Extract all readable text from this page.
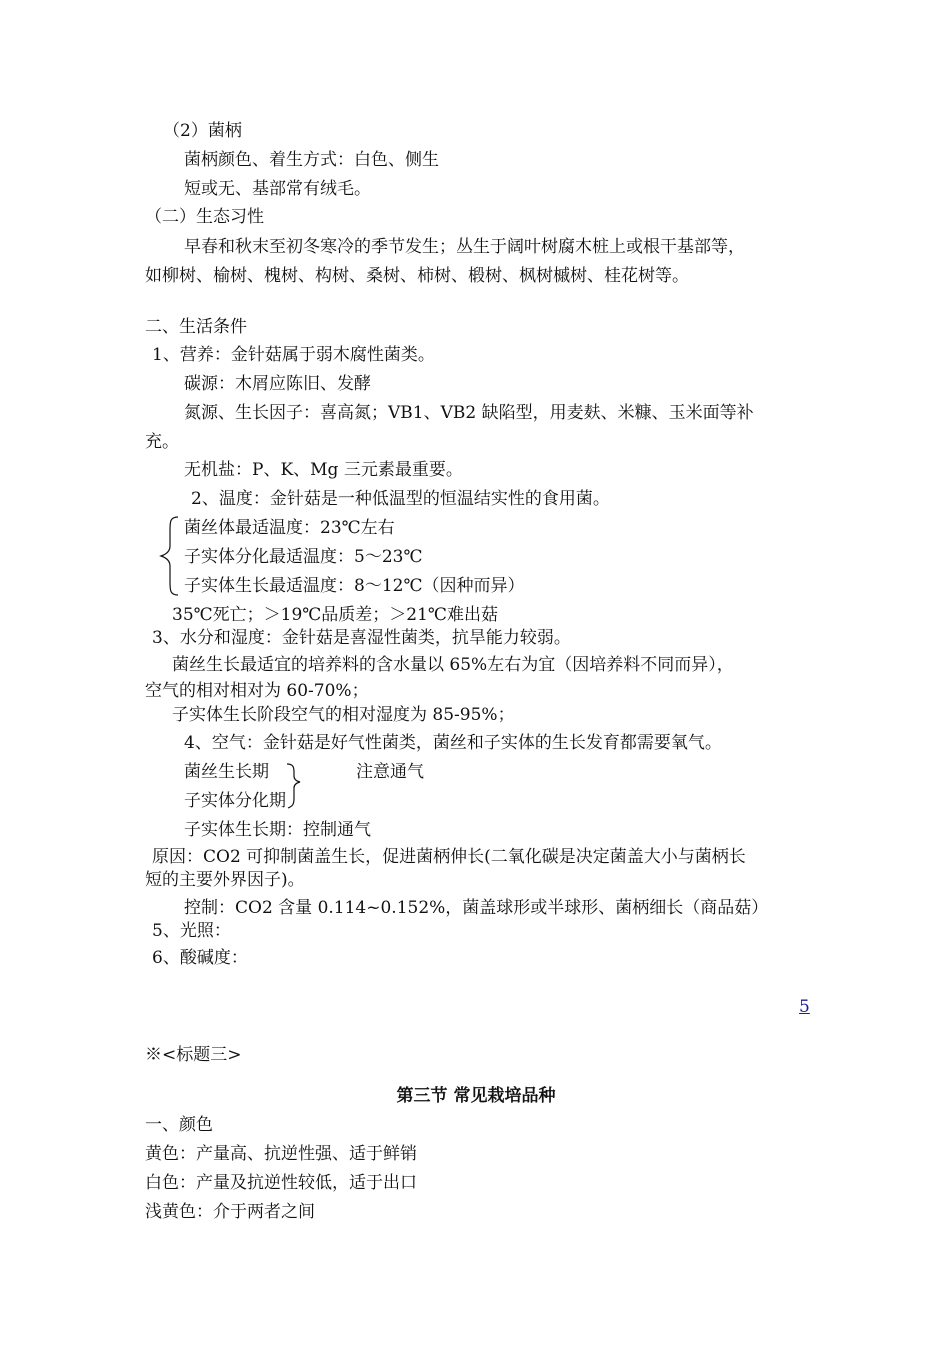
（2）菌柄
菌柄颜色、着生方式：白色、侧生
短或无、基部常有绒毛。
（二）生态习性
早春和秋末至初冬寒冷的季节发生；丛生于阔叶树腐木桩上或根干基部等，
如柳树、榆树、槐树、构树、桑树、柿树、椴树、枫树槭树、桂花树等。
二、生活条件
1、营养：金针菇属于弱木腐性菌类。
碳源：木屑应陈旧、发酵
氮源、生长因子：喜高氮；VB1、VB2 缺陷型，用麦麸、米糠、玉米面等补
充。
无机盐：P、K、Mg 三元素最重要。
2、温度：金针菇是一种低温型的恒温结实性的食用菌。
菌丝体最适温度：23℃左右
子实体分化最适温度：5～23℃
子实体生长最适温度：8～12℃（因种而异）
35℃死亡；＞19℃品质差；＞21℃难出菇
3、水分和湿度：金针菇是喜湿性菌类，抗旱能力较弱。
菌丝生长最适宜的培养料的含水量以 65%左右为宜（因培养料不同而异），
空气的相对相对为 60-70%；
子实体生长阶段空气的相对湿度为 85-95%；
4、空气：金针菇是好气性菌类，菌丝和子实体的生长发育都需要氧气。
菌丝生长期	注意通气
子实体分化期
子实体生长期：控制通气
原因：CO2 可抑制菌盖生长，促进菌柄伸长(二氧化碳是决定菌盖大小与菌柄长
短的主要外界因子)。
控制：CO2 含量 0.114~0.152%，菌盖球形或半球形、菌柄细长（商品菇）
5、光照：
6、酸碱度：
5
※<标题三>
第三节 常见栽培品种
一、颜色
黄色：产量高、抗逆性强、适于鲜销
白色：产量及抗逆性较低，适于出口
浅黄色：介于两者之间
